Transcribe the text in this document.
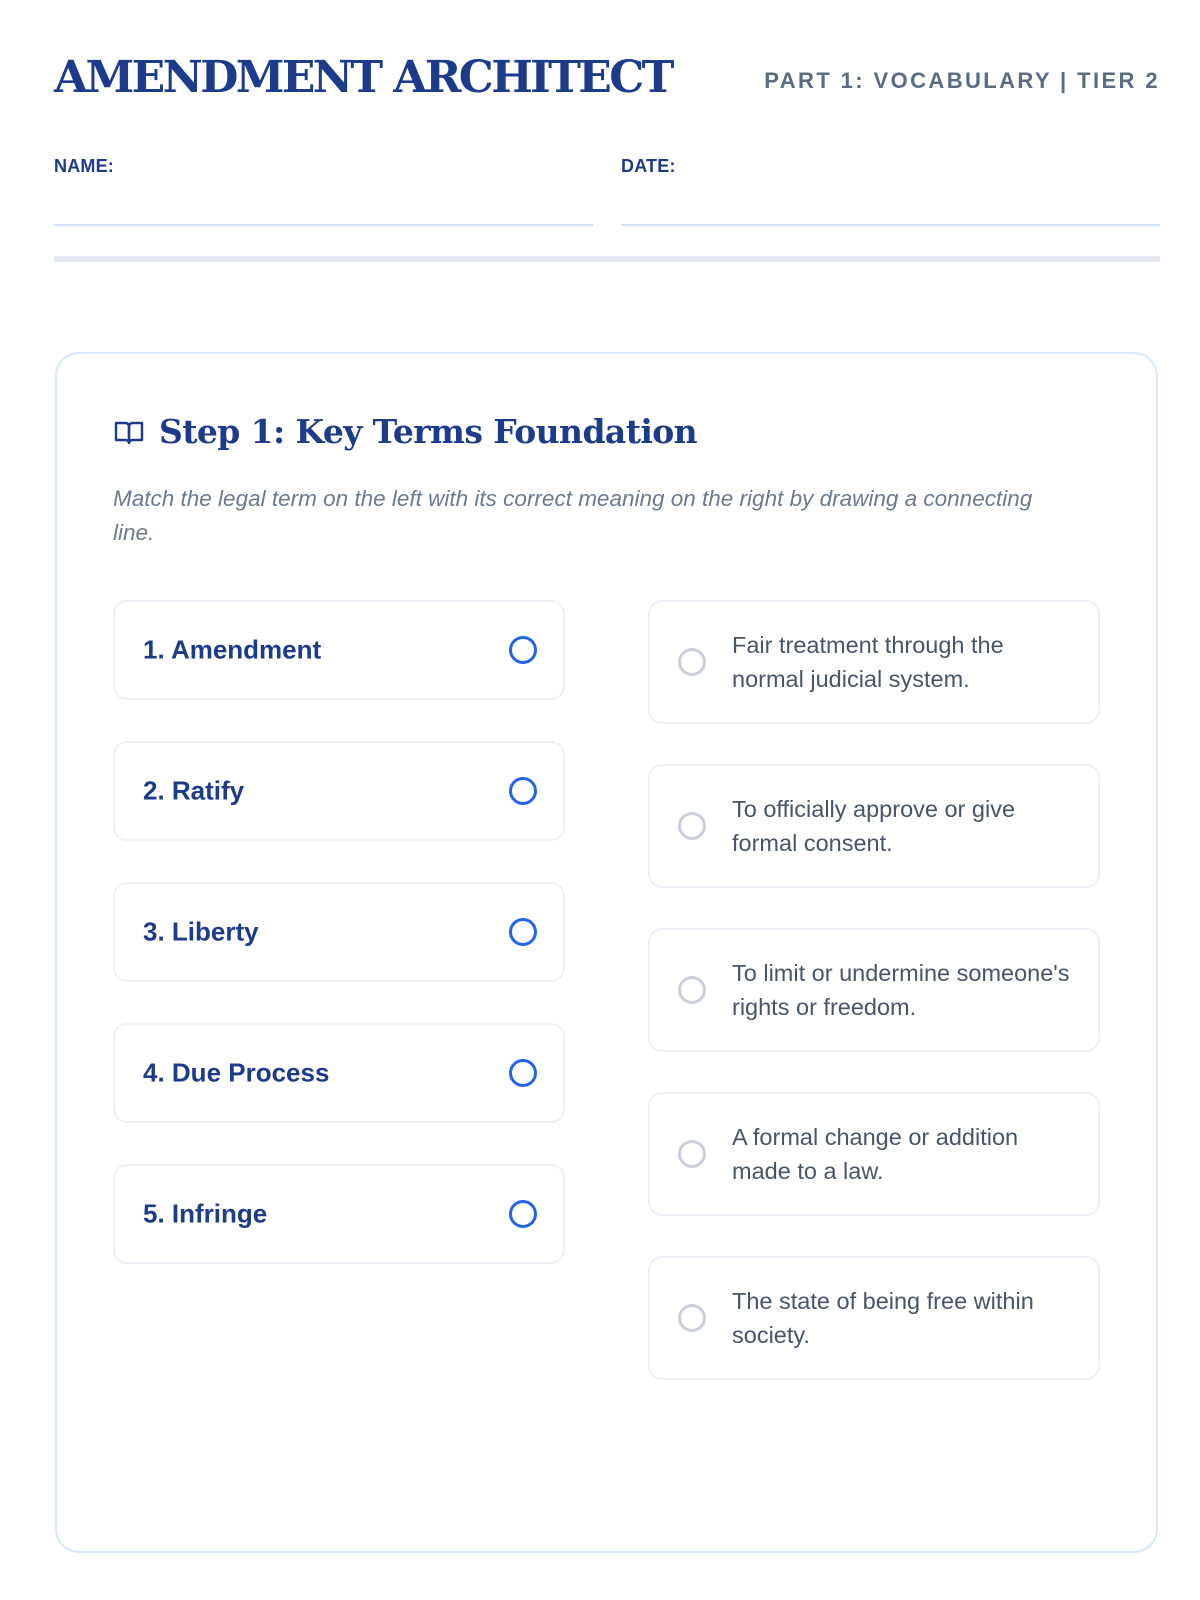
AMENDMENT ARCHITECT	PART 1: VOCABULARY | TIER 2
NAME:	DATE:
Step 1: Key Terms Foundation

Match the legal term on the left with its correct meaning on the right by drawing a connecting line.

1. Amendment
2. Ratify
3. Liberty
4. Due Process
5. Infringe
Fair treatment through the normal judicial system.
To officially approve or give formal consent.
To limit or undermine someone's rights or freedom.
A formal change or addition made to a law.
The state of being free within society.
